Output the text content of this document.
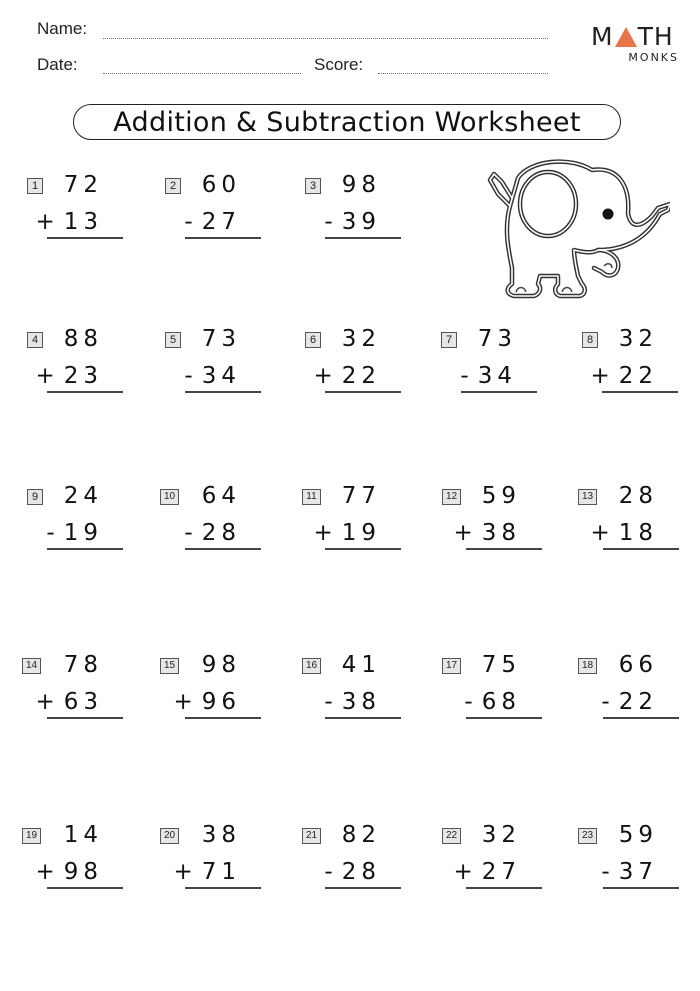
Name:
Date:	Score:
M TH
MONKS
Addition & Subtraction Worksheet
1 72
+ 13
2 60
- 27
3 98
- 39
4 88
+ 23
5 73
- 34
6 32
+ 22
7 73
- 34
8 32
+ 22
9 24
- 19
10 64
- 28
11 77
+ 19
12 59
+ 38
13 28
+ 18
14 78
+ 63
15 98
+ 96
16 41
- 38
17 75
- 68
18 66
- 22
19 14
+ 98
20 38
+ 71
21 82
- 28
22 32
+ 27
23 59
- 37
